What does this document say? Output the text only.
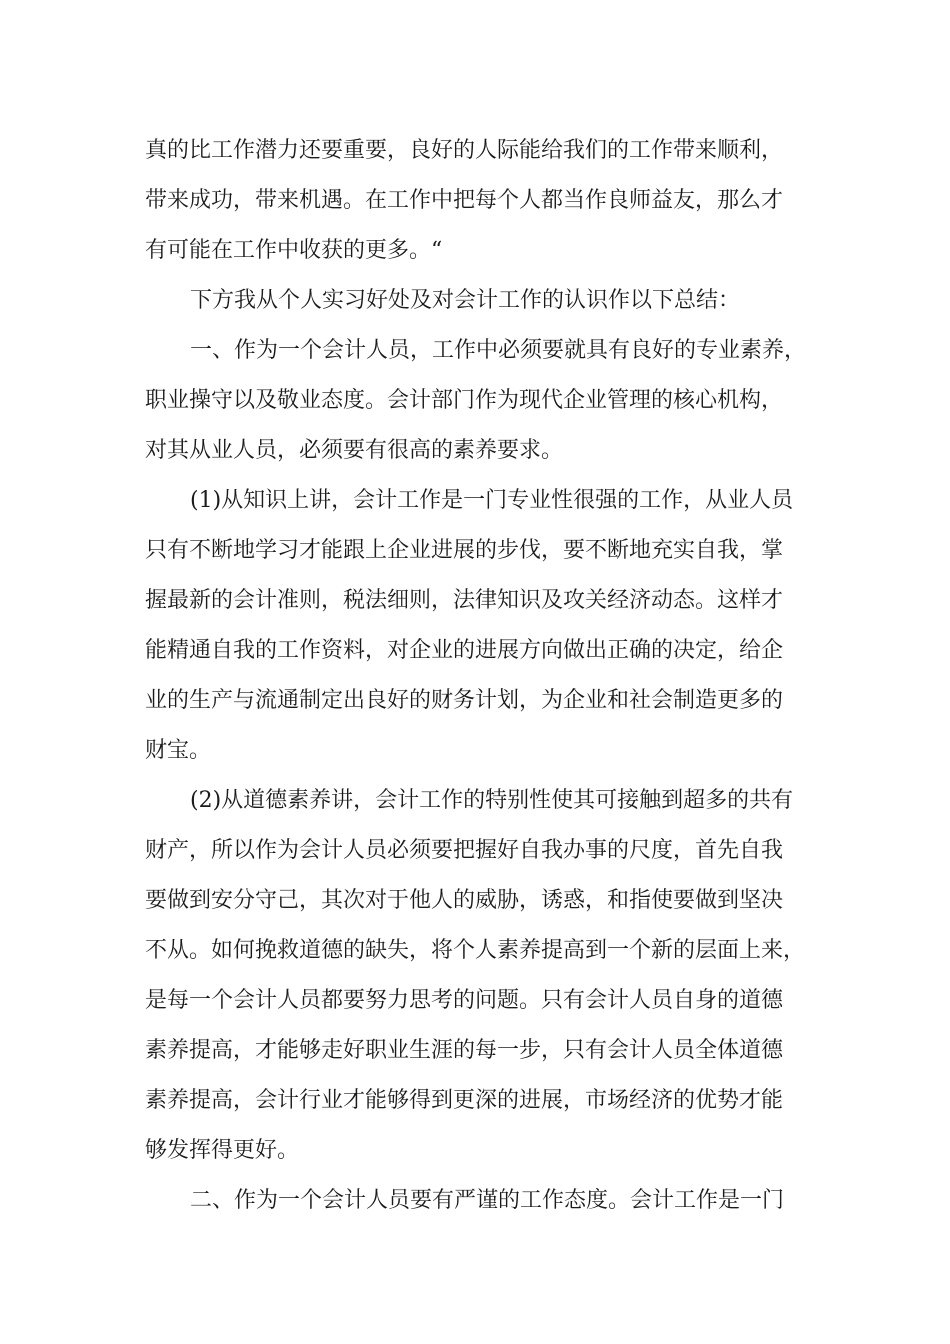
真的比工作潜力还要重要，良好的人际能给我们的工作带来顺利，
带来成功，带来机遇。在工作中把每个人都当作良师益友，那么才
有可能在工作中收获的更多。“
下方我从个人实习好处及对会计工作的认识作以下总结：
一、作为一个会计人员，工作中必须要就具有良好的专业素养，
职业操守以及敬业态度。会计部门作为现代企业管理的核心机构，
对其从业人员，必须要有很高的素养要求。
(1)从知识上讲，会计工作是一门专业性很强的工作，从业人员
只有不断地学习才能跟上企业进展的步伐，要不断地充实自我，掌
握最新的会计准则，税法细则，法律知识及攻关经济动态。这样才
能精通自我的工作资料，对企业的进展方向做出正确的决定，给企
业的生产与流通制定出良好的财务计划，为企业和社会制造更多的
财宝。
(2)从道德素养讲，会计工作的特别性使其可接触到超多的共有
财产，所以作为会计人员必须要把握好自我办事的尺度，首先自我
要做到安分守己，其次对于他人的威胁，诱惑，和指使要做到坚决
不从。如何挽救道德的缺失，将个人素养提高到一个新的层面上来，
是每一个会计人员都要努力思考的问题。只有会计人员自身的道德
素养提高，才能够走好职业生涯的每一步，只有会计人员全体道德
素养提高，会计行业才能够得到更深的进展，市场经济的优势才能
够发挥得更好。
二、作为一个会计人员要有严谨的工作态度。会计工作是一门
